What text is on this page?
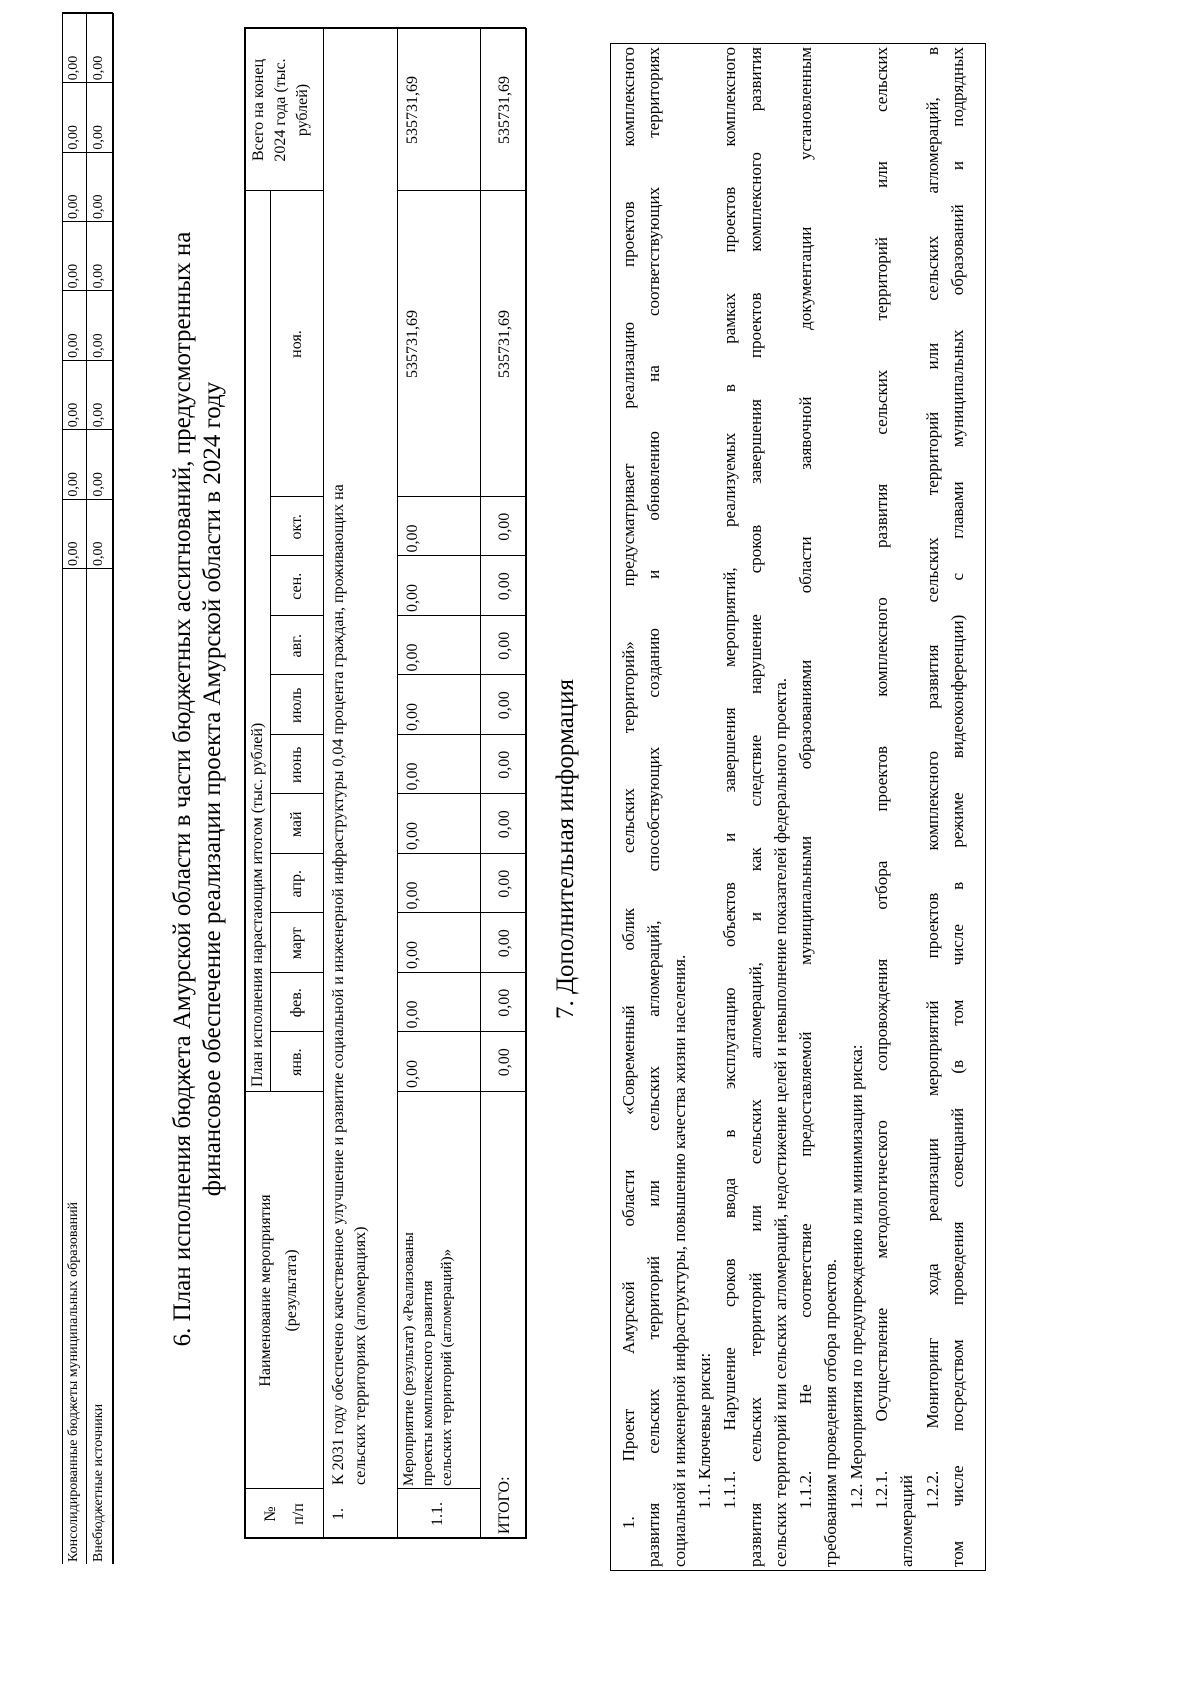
Консолидированные бюджеты муниципальных образований Внебюджетные источники
0,00
0,00
0,00
0,00
0,00
0,00
0,00
0,00
0,00
0,00
0,00
0,00
0,00
0,00
0,00
0,00
6. План исполнения бюджета Амурской области в части бюджетных ассигнований, предусмотренных на финансовое обеспечение реализации проекта Амурской области в 2024 году
№ п/п
Наименование мероприятия (результата)
План исполнения нарастающим итогом (тыс. рублей)
Всего на конец 2024 года (тыс. рублей)
янв.
фев.
март
апр.
май
июнь
июль
авг.
сен.
окт.
ноя.
1.
К 2031 году обеспечено качественное улучшение и развитие социальной и инженерной инфраструктуры 0,04 процента граждан, проживающих на сельских территориях (агломерациях)
1.1.
Мероприятие (результат) «Реализованы проекты комплексного развития сельских территорий (агломераций)»
535731,69
0,00
0,00
0,00
0,00
0,00
0,00
0,00
0,00
0,00
0,00
535731,69
ИТОГО:
535731,69
0,00
0,00
0,00
0,00
0,00
0,00
0,00
0,00
0,00
0,00
535731,69
7. Дополнительная информация 1. Проект Амурской области «Современный облик сельских территорий» предусматривает реализацию проектов комплексного развития сельских территорий или сельских агломераций, способствующих созданию и обновлению на соответствующих территориях социальной и инженерной инфраструктуры, повышению качества жизни населения. 1.1. Ключевые риски: 1.1.1. Нарушение сроков ввода в эксплуатацию объектов и завершения мероприятий, реализуемых в рамках проектов комплексного развития сельских территорий или сельских агломераций, и как следствие нарушение сроков завершения проектов комплексного развития сельских территорий или сельских агломераций, недостижение целей и невыполнение показателей федерального проекта. 1.1.2. Не соответствие предоставляемой муниципальными образованиями области заявочной документации установленным требованиям проведения отбора проектов. 1.2. Мероприятия по предупреждению или минимизации риска: 1.2.1. Осуществление методологического сопровождения отбора проектов комплексного развития сельских территорий или сельских
агломераций
1.2.2. Мониторинг хода реализации мероприятий проектов комплексного развития сельских территорий или сельских агломераций, в том числе посредством проведения совещаний (в том числе в режиме видеоконференции) с главами муниципальных образований и подрядных
